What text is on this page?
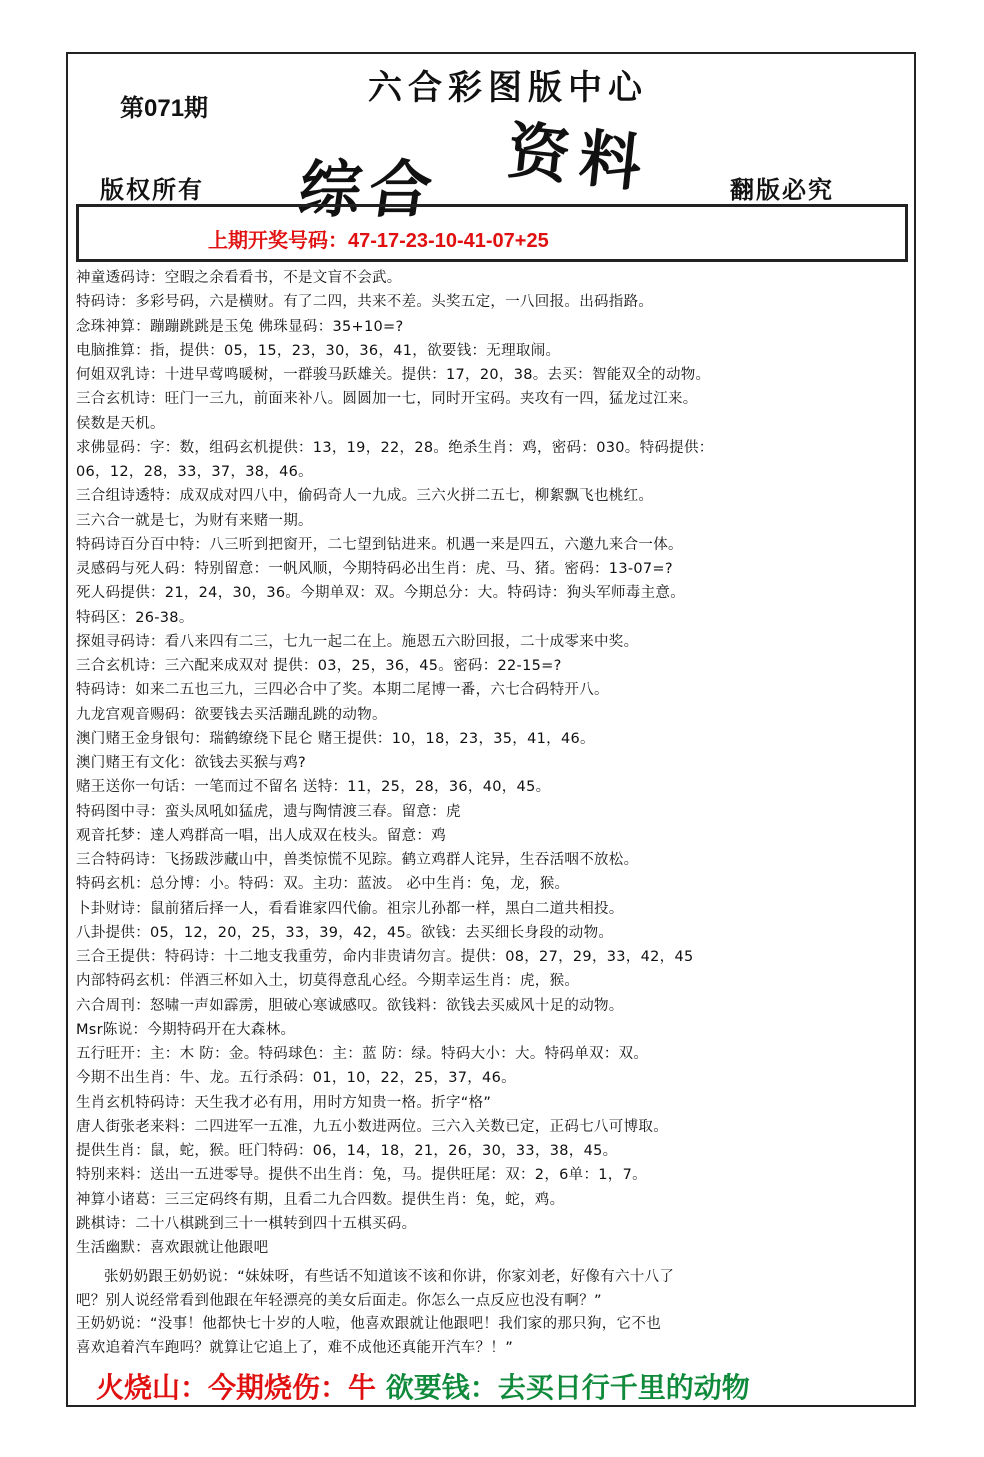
第071期
六合彩图版中心
综合 资料
版权所有	翻版必究
上期开奖号码：47-17-23-10-41-07+25
神童透码诗：空暇之余看看书，不是文盲不会武。
特码诗：多彩号码，六是横财。有了二四，共来不差。头奖五定，一八回报。出码指路。
念珠神算：蹦蹦跳跳是玉兔 佛珠显码：35+10=?
电脑推算：指，提供：05，15，23，30，36，41，欲要钱：无理取闹。
何姐双乳诗：十进早莺鸣暖树，一群骏马跃雄关。提供：17，20，38。去买：智能双全的动物。
三合玄机诗：旺门一三九，前面来补八。圆圆加一七，同时开宝码。夹攻有一四，猛龙过江来。
侯数是天机。
求佛显码：字：数，组码玄机提供：13，19，22，28。绝杀生肖：鸡，密码：030。特码提供：
06，12，28，33，37，38，46。
三合组诗透特：成双成对四八中，偷码奇人一九成。三六火拼二五七，柳絮飘飞也桃红。
三六合一就是七，为财有来赌一期。
特码诗百分百中特：八三听到把窗开，二七望到钻进来。机遇一来是四五，六邀九来合一体。
灵感码与死人码：特别留意：一帆风顺，今期特码必出生肖：虎、马、猪。密码：13-07=?
死人码提供：21，24，30，36。今期单双：双。今期总分：大。特码诗：狗头军师毒主意。
特码区：26-38。
探姐寻码诗：看八来四有二三，七九一起二在上。施恩五六盼回报，二十成零来中奖。
三合玄机诗：三六配来成双对 提供：03，25，36，45。密码：22-15=?
特码诗：如来二五也三九，三四必合中了奖。本期二尾博一番，六七合码特开八。
九龙宫观音赐码：欲要钱去买活蹦乱跳的动物。
澳门赌王金身银句：瑞鹤缭绕下昆仑 赌王提供：10，18，23，35，41，46。
澳门赌王有文化：欲钱去买猴与鸡?
赌王送你一句话：一笔而过不留名 送特：11，25，28，36，40，45。
特码图中寻：蛮头凤吼如猛虎，遗与陶情渡三春。留意：虎
观音托梦：達人鸡群高一唱，出人成双在枝头。留意：鸡
三合特码诗：飞扬跋涉藏山中，兽类惊慌不见踪。鹤立鸡群人诧异，生吞活咽不放松。
特码玄机：总分博：小。特码：双。主功：蓝波。 必中生肖：兔，龙，猴。
卜卦财诗：鼠前猪后择一人，看看谁家四代偷。祖宗儿孙都一样，黑白二道共相投。
八卦提供：05，12，20，25，33，39，42，45。欲钱：去买细长身段的动物。
三合王提供：特码诗：十二地支我重劳，命内非贵请勿言。提供：08，27，29，33，42，45
内部特码玄机：伴酒三杯如入土，切莫得意乱心经。今期幸运生肖：虎，猴。
六合周刊：怒啸一声如霹雳，胆破心寒诚感叹。欲钱料：欲钱去买威风十足的动物。
Msr陈说：今期特码开在大森林。
五行旺开：主：木 防：金。特码球色：主：蓝 防：绿。特码大小：大。特码单双：双。
今期不出生肖：牛、龙。五行杀码：01，10，22，25，37，46。
生肖玄机特码诗：天生我才必有用，用时方知贵一格。折字“格”
唐人街张老来料：二四进军一五准，九五小数进两位。三六入关数已定，正码七八可博取。
提供生肖：鼠，蛇，猴。旺门特码：06，14，18，21，26，30，33，38，45。
特别来料：送出一五进零导。提供不出生肖：兔，马。提供旺尾：双：2，6单：1，7。
神算小诸葛：三三定码终有期，且看二九合四数。提供生肖：兔，蛇，鸡。
跳棋诗：二十八棋跳到三十一棋转到四十五棋买码。
生活幽默：喜欢跟就让他跟吧
张奶奶跟王奶奶说：“妹妹呀，有些话不知道该不该和你讲，你家刘老，好像有六十八了
吧？别人说经常看到他跟在年轻漂亮的美女后面走。你怎么一点反应也没有啊？”
王奶奶说：“没事！他都快七十岁的人啦，他喜欢跟就让他跟吧！我们家的那只狗，它不也
喜欢追着汽车跑吗？就算让它追上了，难不成他还真能开汽车？！”
火烧山：今期烧伤：牛 欲要钱：去买日行千里的动物
